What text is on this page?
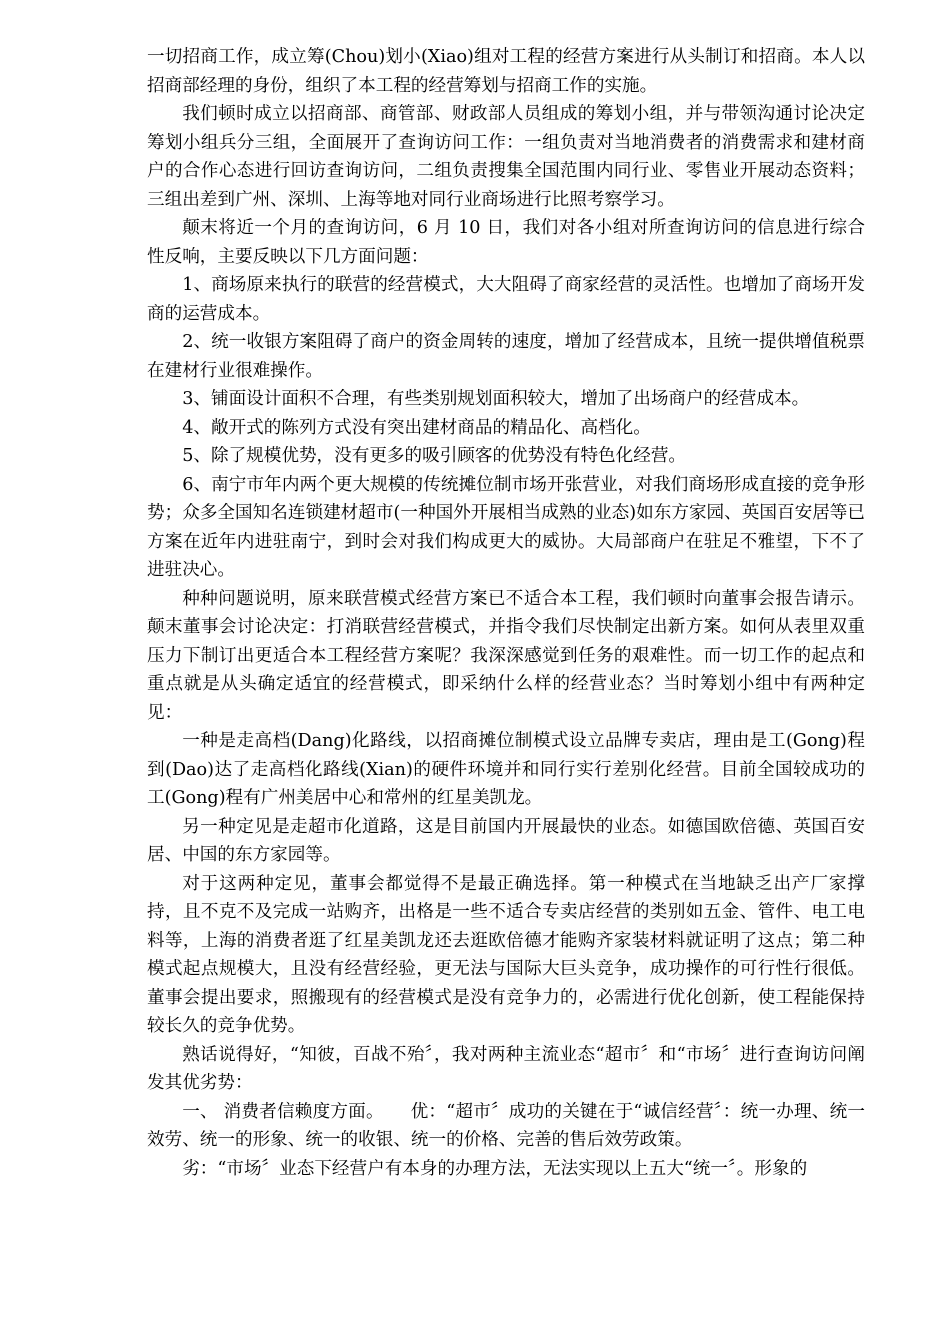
一切招商工作，成立筹(Chou)划小(Xiao)组对工程的经营方案进行从头制订和招商。本人以招商部经理的身份，组织了本工程的经营筹划与招商工作的实施。

我们顿时成立以招商部、商管部、财政部人员组成的筹划小组，并与带领沟通讨论决定筹划小组兵分三组，全面展开了查询访问工作：一组负责对当地消费者的消费需求和建材商户的合作心态进行回访查询访问，二组负责搜集全国范围内同行业、零售业开展动态资料；三组出差到广州、深圳、上海等地对同行业商场进行比照考察学习。

颠末将近一个月的查询访问，6 月 10 日，我们对各小组对所查询访问的信息进行综合性反响，主要反映以下几方面问题：

1、商场原来执行的联营的经营模式，大大阻碍了商家经营的灵活性。也增加了商场开发商的运营成本。

2、统一收银方案阻碍了商户的资金周转的速度，增加了经营成本，且统一提供增值税票在建材行业很难操作。

3、铺面设计面积不合理，有些类别规划面积较大，增加了出场商户的经营成本。

4、敞开式的陈列方式没有突出建材商品的精品化、高档化。

5、除了规模优势，没有更多的吸引顾客的优势没有特色化经营。

6、南宁市年内两个更大规模的传统摊位制市场开张营业，对我们商场形成直接的竞争形势；众多全国知名连锁建材超市(一种国外开展相当成熟的业态)如东方家园、英国百安居等已方案在近年内进驻南宁，到时会对我们构成更大的威协。大局部商户在驻足不雅望，下不了进驻决心。

种种问题说明，原来联营模式经营方案已不适合本工程，我们顿时向董事会报告请示。颠末董事会讨论决定：打消联营经营模式，并指令我们尽快制定出新方案。如何从表里双重压力下制订出更适合本工程经营方案呢？我深深感觉到任务的艰难性。而一切工作的起点和重点就是从头确定适宜的经营模式，即采纳什么样的经营业态？当时筹划小组中有两种定见：

一种是走高档(Dang)化路线，以招商摊位制模式设立品牌专卖店，理由是工(Gong)程到(Dao)达了走高档化路线(Xian)的硬件环境并和同行实行差别化经营。目前全国较成功的工(Gong)程有广州美居中心和常州的红星美凯龙。

另一种定见是走超市化道路，这是目前国内开展最快的业态。如德国欧倍德、英国百安居、中国的东方家园等。

对于这两种定见，董事会都觉得不是最正确选择。第一种模式在当地缺乏出产厂家撑持，且不克不及完成一站购齐，出格是一些不适合专卖店经营的类别如五金、管件、电工电料等，上海的消费者逛了红星美凯龙还去逛欧倍德才能购齐家装材料就证明了这点；第二种模式起点规模大，且没有经营经验，更无法与国际大巨头竞争，成功操作的可行性行很低。董事会提出要求，照搬现有的经营模式是没有竞争力的，必需进行优化创新，使工程能保持较长久的竞争优势。

熟话说得好，“知彼，百战不殆〞，我对两种主流业态“超市〞和“市场〞进行查询访问阐发其优劣势：

一、 消费者信赖度方面。　　优：“超市〞成功的关键在于“诚信经营〞：统一办理、统一效劳、统一的形象、统一的收银、统一的价格、完善的售后效劳政策。

劣：“市场〞业态下经营户有本身的办理方法，无法实现以上五大“统一〞。形象的
